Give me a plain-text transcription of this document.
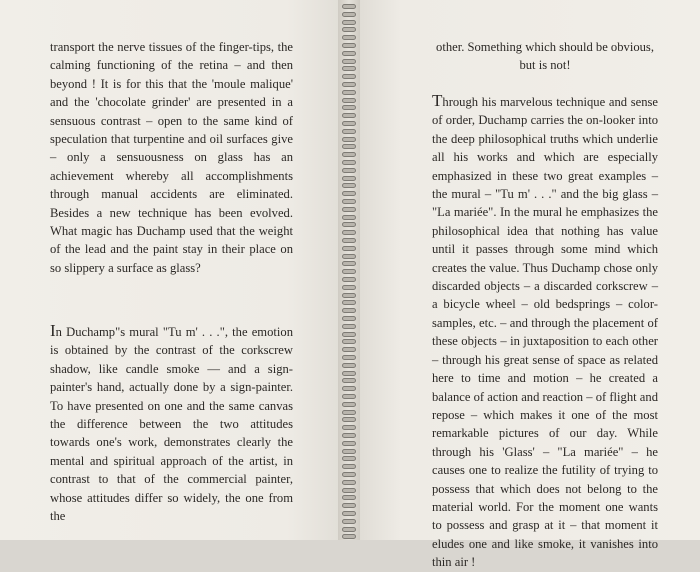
transport the nerve tissues of the finger-tips, the calming functioning of the retina – and then beyond ! It is for this that the 'moule malique' and the 'chocolate grinder' are presented in a sensuous contrast – open to the same kind of speculation that turpentine and oil surfaces give – only a sensuousness on glass has an achievement whereby all accomplishments through manual accidents are eliminated. Besides a new technique has been evolved. What magic has Duchamp used that the weight of the lead and the paint stay in their place on so slippery a surface as glass?

In Duchamp"s mural "Tu m' . . .", the emotion is obtained by the contrast of the corkscrew shadow, like candle smoke — and a sign-painter's hand, actually done by a sign-painter. To have presented on one and the same canvas the difference between the two attitudes towards one's work, demonstrates clearly the mental and spiritual approach of the artist, in contrast to that of the commercial painter, whose attitudes differ so widely, the one from the

other. Something which should be obvious, but is not!

Through his marvelous technique and sense of order, Duchamp carries the on-looker into the deep philosophical truths which underlie all his works and which are especially emphasized in these two great examples – the mural – "Tu m' . . ." and the big glass – "La mariée". In the mural he emphasizes the philosophical idea that nothing has value until it passes through some mind which creates the value. Thus Duchamp chose only discarded objects – a discarded corkscrew – a bicycle wheel – old bedsprings – color-samples, etc. – and through the placement of these objects – in juxtaposition to each other – through his great sense of space as related here to time and motion – he created a balance of action and reaction – of flight and repose – which makes it one of the most remarkable pictures of our day. While through his 'Glass' – "La mariée" – he causes one to realize the futility of trying to possess that which does not belong to the material world. For the moment one wants to possess and grasp at it – that moment it eludes one and like smoke, it vanishes into thin air !
